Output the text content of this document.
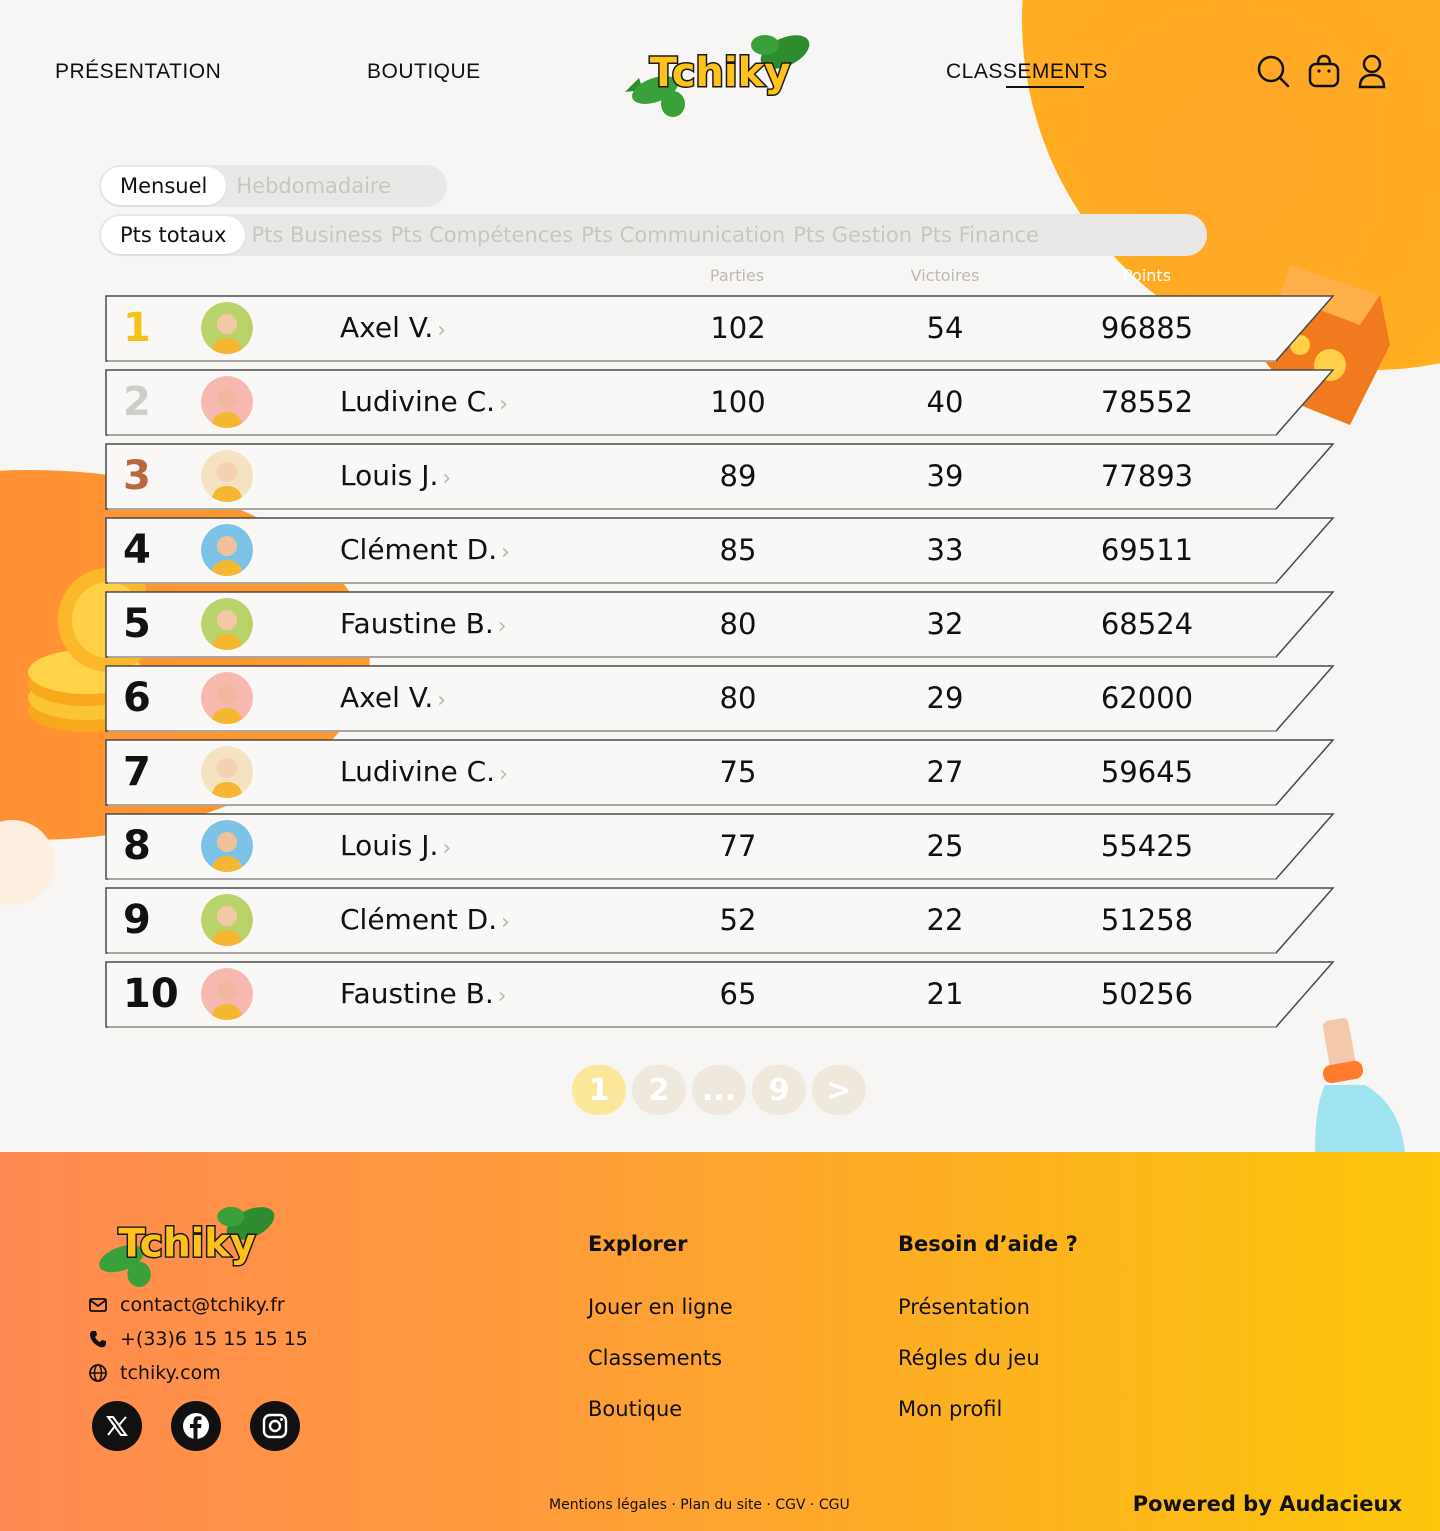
PRÉSENTATION	BOUTIQUE	Tchiky	CLASSEMENTS
Mensuel	Hebdomadaire
Pts totaux	Pts Business Pts Compétences Pts Communication Pts Gestion Pts Finance
Parties	Victoires	Points
1	Axel V. ›	102	54	96885
2	Ludivine C. ›	100	40	78552
3	Louis J. ›	89	39	77893
4	Clément D. ›	85	33	69511
5	Faustine B. ›	80	32	68524
6	Axel V. ›	80	29	62000
7	Ludivine C. ›	75	27	59645
8	Louis J. ›	77	25	55425
9	Clément D. ›	52	22	51258
10	Faustine B. ›	65	21	50256
1	2	...	9	>
Tchiky
contact@tchiky.fr
+(33)6 15 15 15 15
tchiky.com
Explorer
Jouer en ligne
Classements
Boutique
Besoin d’aide ?
Présentation
Régles du jeu
Mon profil
Mentions légales · Plan du site · CGV · CGU	Powered by Audacieux
